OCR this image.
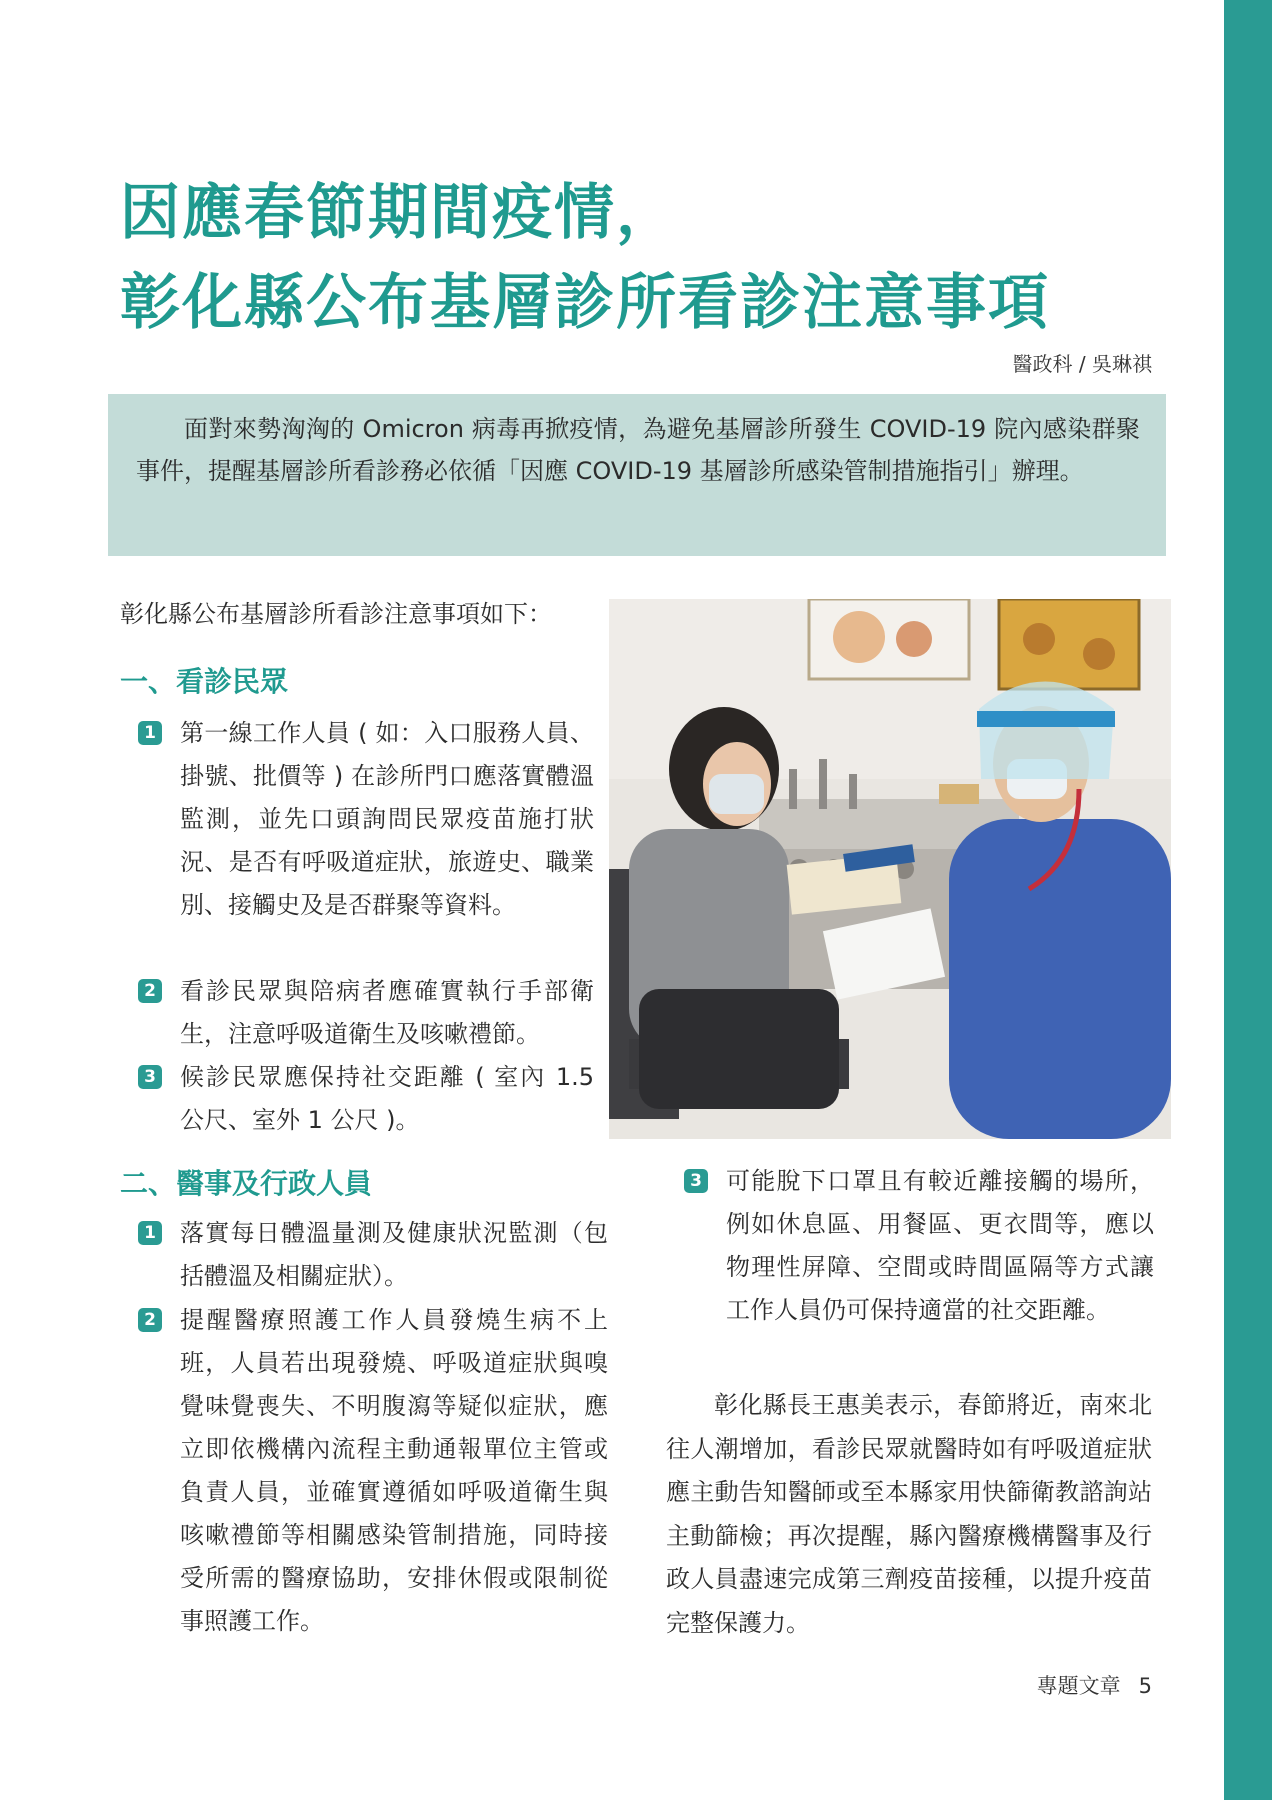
因應春節期間疫情，
彰化縣公布基層診所看診注意事項
醫政科 / 吳琳祺

面對來勢洶洶的 Omicron 病毒再掀疫情，為避免基層診所發生 COVID-19 院內感染群聚事件，提醒基層診所看診務必依循「因應 COVID-19 基層診所感染管制措施指引」辦理。

彰化縣公布基層診所看診注意事項如下：
一、看診民眾
1 第一線工作人員 ( 如：入口服務人員、掛號、批價等 ) 在診所門口應落實體溫監測，並先口頭詢問民眾疫苗施打狀況、是否有呼吸道症狀，旅遊史、職業別、接觸史及是否群聚等資料。
2 看診民眾與陪病者應確實執行手部衛生，注意呼吸道衛生及咳嗽禮節。
3 候診民眾應保持社交距離 ( 室內 1.5 公尺、室外 1 公尺 )。
二、醫事及行政人員
1 落實每日體溫量測及健康狀況監測（包括體溫及相關症狀）。
2 提醒醫療照護工作人員發燒生病不上班，人員若出現發燒、呼吸道症狀與嗅覺味覺喪失、不明腹瀉等疑似症狀，應立即依機構內流程主動通報單位主管或負責人員，並確實遵循如呼吸道衛生與咳嗽禮節等相關感染管制措施，同時接受所需的醫療協助，安排休假或限制從事照護工作。
3 可能脫下口罩且有較近離接觸的場所，例如休息區、用餐區、更衣間等，應以物理性屏障、空間或時間區隔等方式讓工作人員仍可保持適當的社交距離。

彰化縣長王惠美表示，春節將近，南來北往人潮增加，看診民眾就醫時如有呼吸道症狀應主動告知醫師或至本縣家用快篩衛教諮詢站主動篩檢；再次提醒，縣內醫療機構醫事及行政人員盡速完成第三劑疫苗接種，以提升疫苗完整保護力。

專題文章 5
